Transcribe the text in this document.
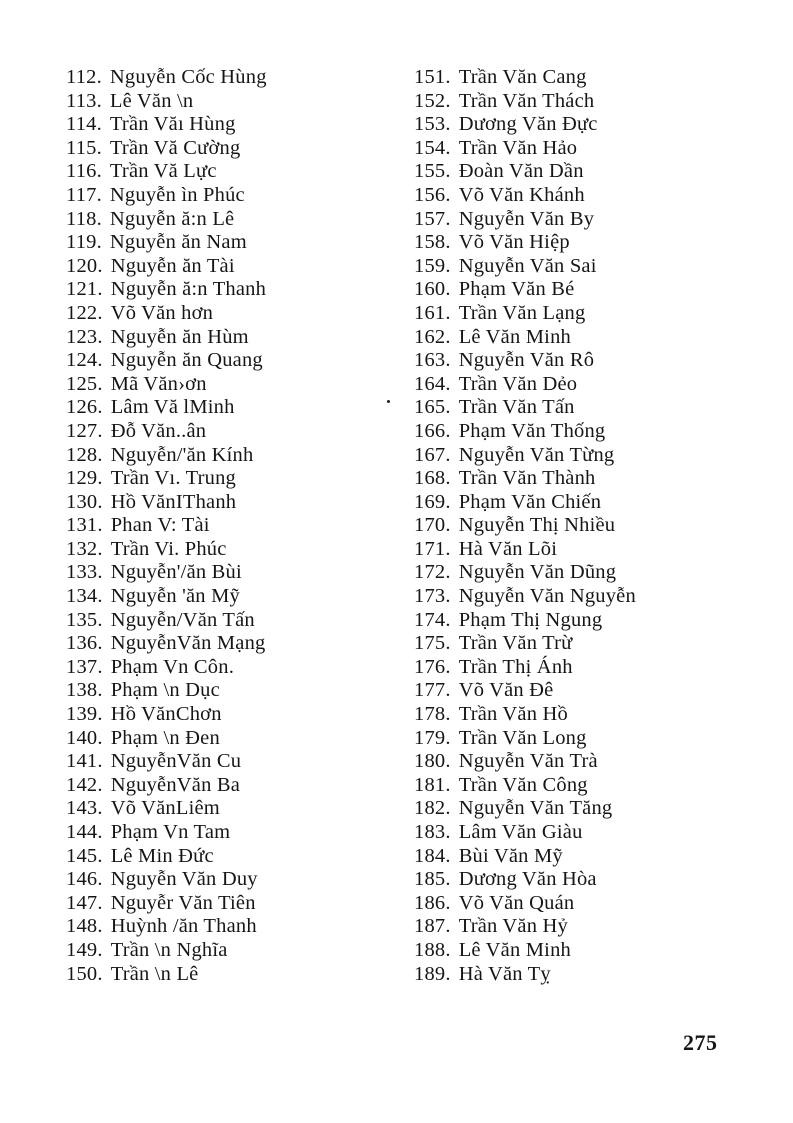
112. Nguyễn Cốc Hùng
113. Lê Văn \n
114. Trần Văı Hùng
115. Trần Vă Cường
116. Trần Vă Lực
117. Nguyễn ìn Phúc
118. Nguyễn ă:n Lê
119. Nguyễn ăn Nam
120. Nguyễn ăn Tài
121. Nguyễn ă:n Thanh
122. Võ Văn hơn
123. Nguyễn ăn Hùm
124. Nguyễn ăn Quang
125. Mã Văn›ơn
126. Lâm Vă lMinh
127. Đỗ Văn..ân
128. Nguyễn/'ăn Kính
129. Trần Vı. Trung
130. Hồ VănIThanh
131. Phan V: Tài
132. Trần Vi. Phúc
133. Nguyễn'/ăn Bùi
134. Nguyễn 'ăn Mỹ
135. Nguyễn/Văn Tấn
136. NguyễnVăn Mạng
137. Phạm Vn Côn.
138. Phạm \n Dục
139. Hồ VănChơn
140. Phạm \n Đen
141. NguyễnVăn Cu
142. NguyễnVăn Ba
143. Võ VănLiêm
144. Phạm Vn Tam
145. Lê Min Đức
146. Nguyễn Văn Duy
147. Nguyễr Văn Tiên
148. Huỳnh /ăn Thanh
149. Trần \n Nghĩa
150. Trần \n Lê
151. Trần Văn Cang
152. Trần Văn Thách
153. Dương Văn Đực
154. Trần Văn Hảo
155. Đoàn Văn Dần
156. Võ Văn Khánh
157. Nguyễn Văn By
158. Võ Văn Hiệp
159. Nguyễn Văn Sai
160. Phạm Văn Bé
161. Trần Văn Lạng
162. Lê Văn Minh
163. Nguyễn Văn Rô
164. Trần Văn Dẻo
165. Trần Văn Tấn
166. Phạm Văn Thống
167. Nguyễn Văn Từng
168. Trần Văn Thành
169. Phạm Văn Chiến
170. Nguyễn Thị Nhiều
171. Hà Văn Lõi
172. Nguyễn Văn Dũng
173. Nguyễn Văn Nguyễn
174. Phạm Thị Ngung
175. Trần Văn Trừ
176. Trần Thị Ánh
177. Võ Văn Đê
178. Trần Văn Hồ
179. Trần Văn Long
180. Nguyễn Văn Trà
181. Trần Văn Công
182. Nguyễn Văn Tăng
183. Lâm Văn Giàu
184. Bùi Văn Mỹ
185. Dương Văn Hòa
186. Võ Văn Quán
187. Trần Văn Hỷ
188. Lê Văn Minh
189. Hà Văn Tỵ
275
